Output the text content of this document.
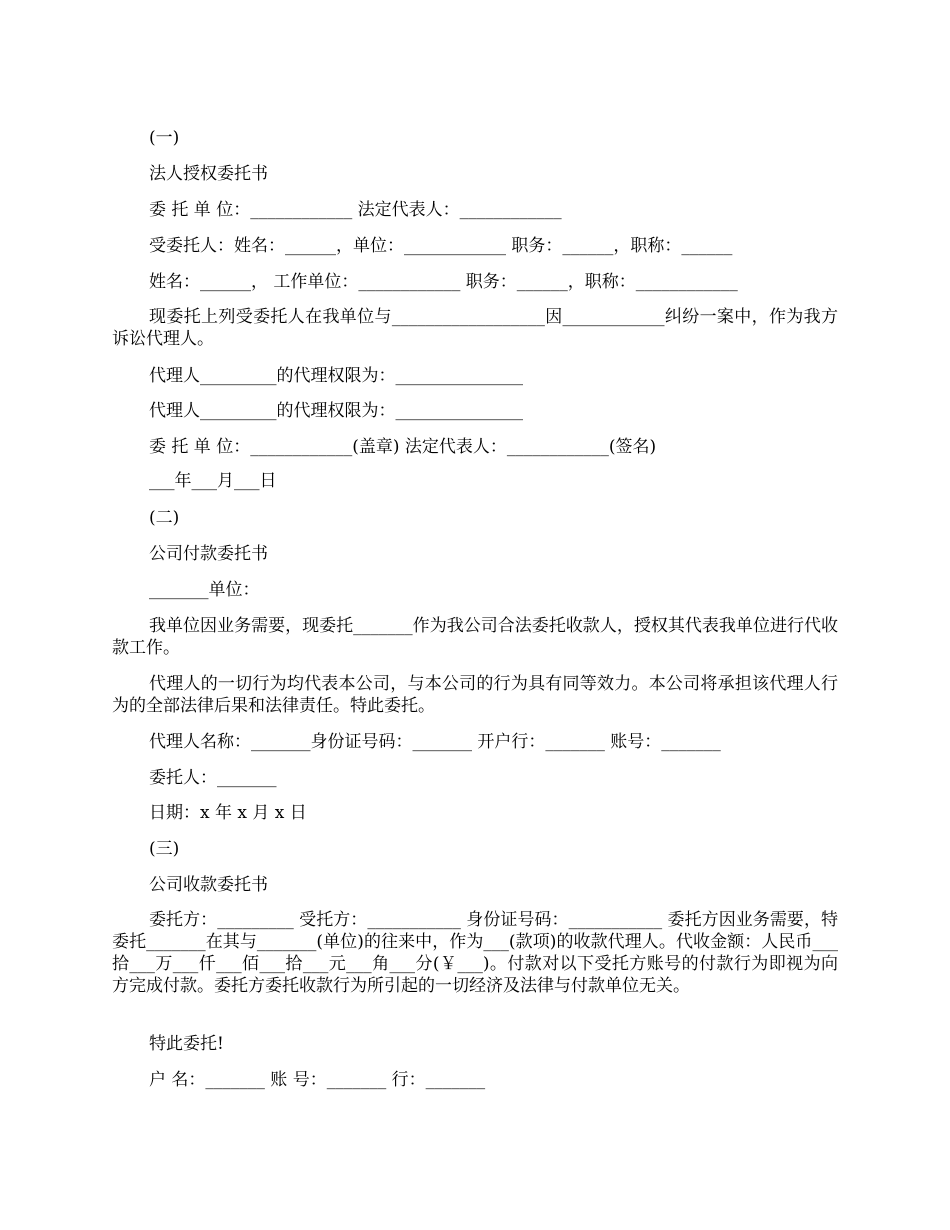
(一)

法人授权委托书

委 托 单 位：____________ 法定代表人：____________

受委托人：姓名：______，单位：____________ 职务：______，职称：______

姓名：______， 工作单位：____________ 职务：______，职称：____________

现委托上列受委托人在我单位与__________________因____________纠纷一案中，作为我方诉讼代理人。

代理人_________的代理权限为：_______________

代理人_________的代理权限为：_______________

委 托 单 位：____________(盖章) 法定代表人：____________(签名)

___年___月___日

(二)

公司付款委托书

_______单位：

我单位因业务需要，现委托_______作为我公司合法委托收款人，授权其代表我单位进行代收款工作。

代理人的一切行为均代表本公司，与本公司的行为具有同等效力。本公司将承担该代理人行为的全部法律后果和法律责任。特此委托。

代理人名称：_______身份证号码：_______ 开户行：_______ 账号：_______

委托人：_______

日期：x 年 x 月 x 日

(三)

公司收款委托书

委托方：_________ 受托方：___________ 身份证号码：___________ 委托方因业务需要，特委托_______在其与_______(单位)的往来中，作为___(款项)的收款代理人。代收金额：人民币___拾___万___仟___佰___拾___元___角___分(￥___)。付款对以下受托方账号的付款行为即视为向方完成付款。委托方委托收款行为所引起的一切经济及法律与付款单位无关。

特此委托!

户 名：_______ 账 号：_______ 行：_______
